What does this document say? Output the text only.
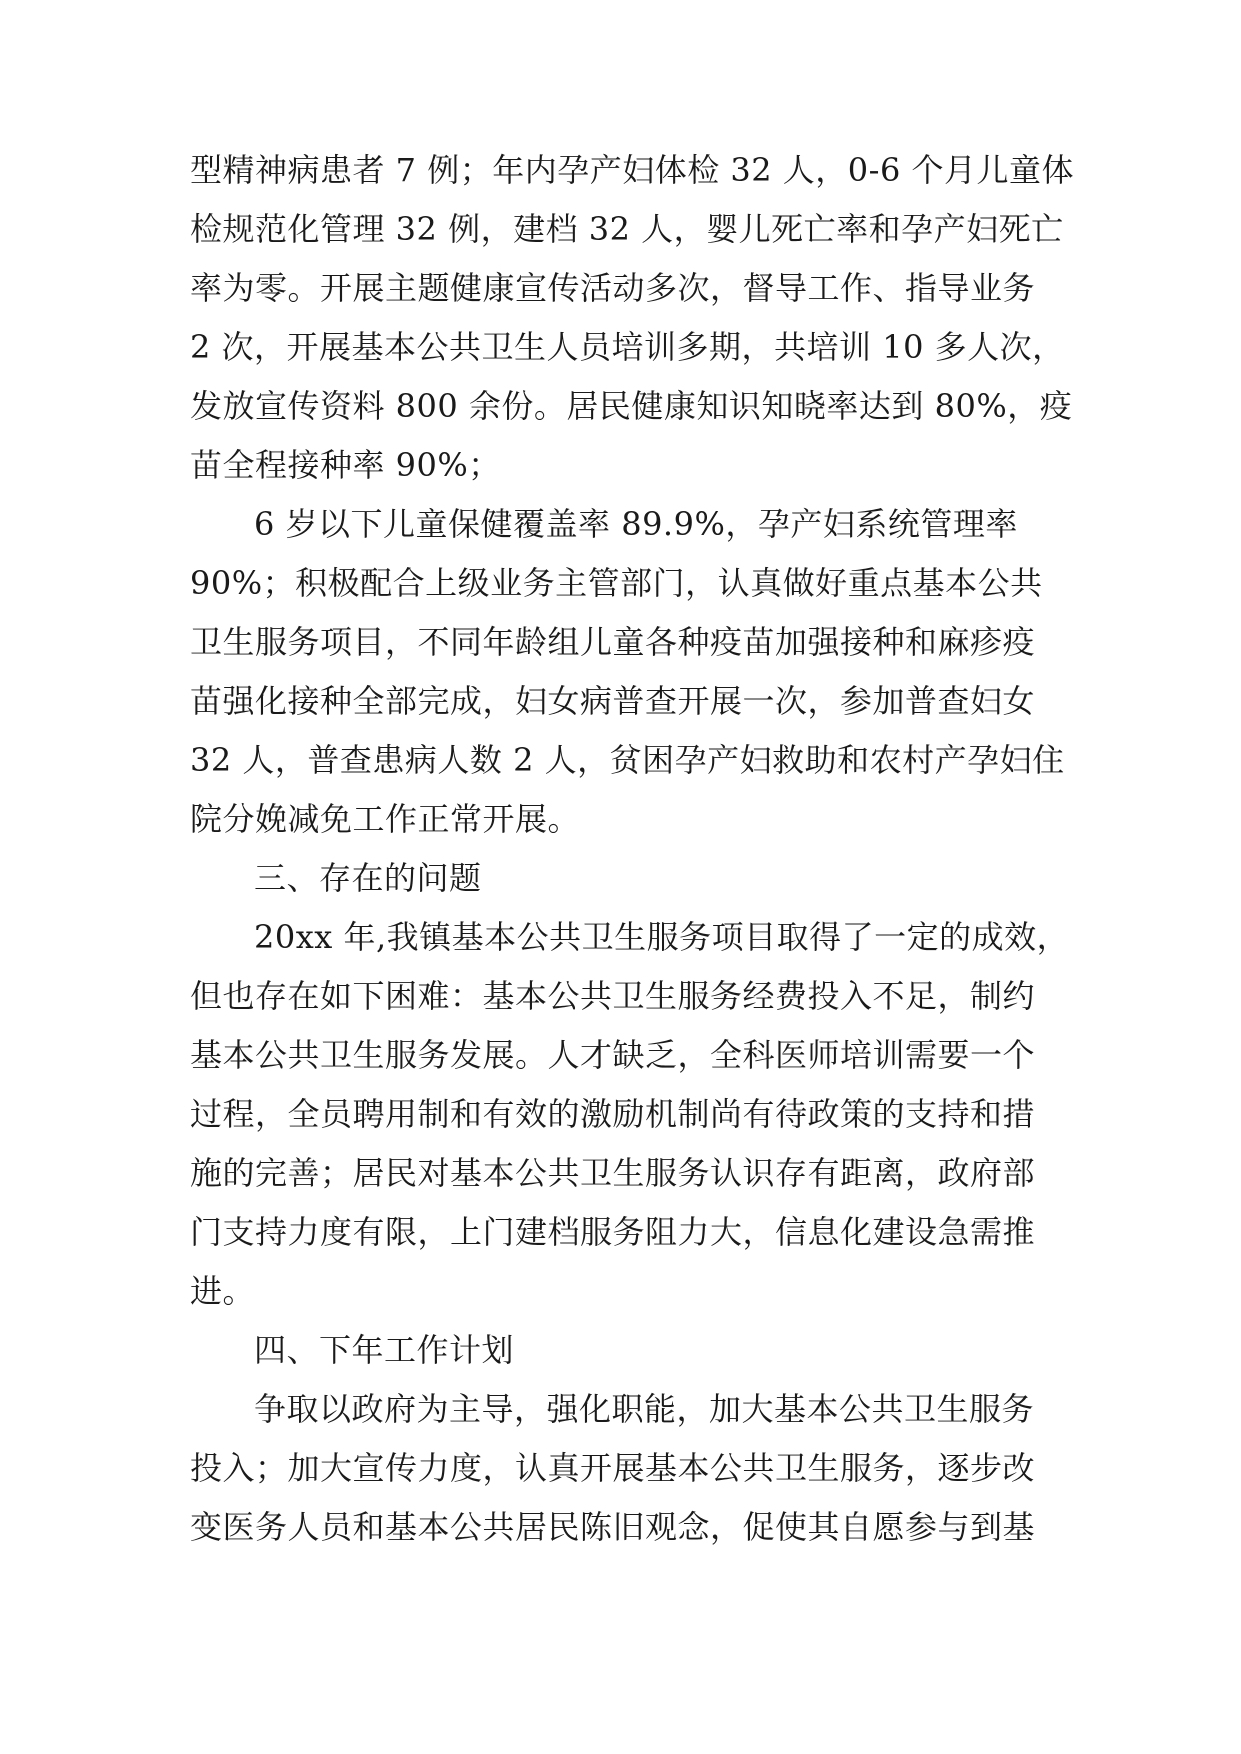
型精神病患者 7 例；年内孕产妇体检 32 人，0-6 个月儿童体

检规范化管理 32 例，建档 32 人，婴儿死亡率和孕产妇死亡

率为零。开展主题健康宣传活动多次，督导工作、指导业务

2 次，开展基本公共卫生人员培训多期，共培训 10 多人次，

发放宣传资料 800 余份。居民健康知识知晓率达到 80%，疫

苗全程接种率 90%；

6 岁以下儿童保健覆盖率 89.9%，孕产妇系统管理率

90%；积极配合上级业务主管部门，认真做好重点基本公共

卫生服务项目，不同年龄组儿童各种疫苗加强接种和麻疹疫

苗强化接种全部完成，妇女病普查开展一次，参加普查妇女

32 人，普查患病人数 2 人，贫困孕产妇救助和农村产孕妇住

院分娩减免工作正常开展。

三、存在的问题

20xx 年,我镇基本公共卫生服务项目取得了一定的成效，

但也存在如下困难：基本公共卫生服务经费投入不足，制约

基本公共卫生服务发展。人才缺乏，全科医师培训需要一个

过程，全员聘用制和有效的激励机制尚有待政策的支持和措

施的完善；居民对基本公共卫生服务认识存有距离，政府部

门支持力度有限，上门建档服务阻力大，信息化建设急需推

进。

四、下年工作计划

争取以政府为主导，强化职能，加大基本公共卫生服务

投入；加大宣传力度，认真开展基本公共卫生服务，逐步改

变医务人员和基本公共居民陈旧观念，促使其自愿参与到基
